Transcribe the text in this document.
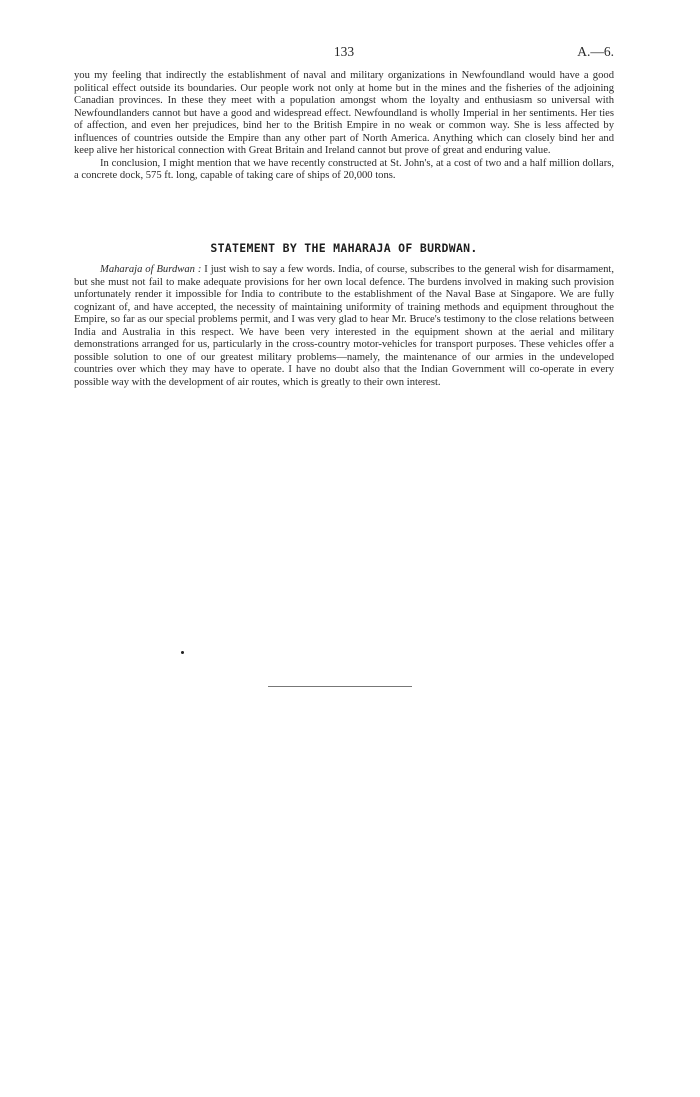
133	A.—6.

you my feeling that indirectly the establishment of naval and military organizations in Newfoundland would have a good political effect outside its boundaries. Our people work not only at home but in the mines and the fisheries of the adjoining Canadian provinces. In these they meet with a population amongst whom the loyalty and enthusiasm so universal with Newfoundlanders cannot but have a good and widespread effect. Newfoundland is wholly Imperial in her sentiments. Her ties of affection, and even her prejudices, bind her to the British Empire in no weak or common way. She is less affected by influences of countries outside the Empire than any other part of North America. Anything which can closely bind her and keep alive her historical connection with Great Britain and Ireland cannot but prove of great and enduring value.

In conclusion, I might mention that we have recently constructed at St. John's, at a cost of two and a half million dollars, a concrete dock, 575 ft. long, capable of taking care of ships of 20,000 tons.

STATEMENT BY THE MAHARAJA OF BURDWAN.

Maharaja of Burdwan : I just wish to say a few words. India, of course, subscribes to the general wish for disarmament, but she must not fail to make adequate provisions for her own local defence. The burdens involved in making such provision unfortunately render it impossible for India to contribute to the establishment of the Naval Base at Singapore. We are fully cognizant of, and have accepted, the necessity of maintaining uniformity of training methods and equipment throughout the Empire, so far as our special problems permit, and I was very glad to hear Mr. Bruce's testimony to the close relations between India and Australia in this respect. We have been very interested in the equipment shown at the aerial and military demonstrations arranged for us, particularly in the cross-country motor-vehicles for transport purposes. These vehicles offer a possible solution to one of our greatest military problems—namely, the maintenance of our armies in the undeveloped countries over which they may have to operate. I have no doubt also that the Indian Government will co-operate in every possible way with the development of air routes, which is greatly to their own interest.
